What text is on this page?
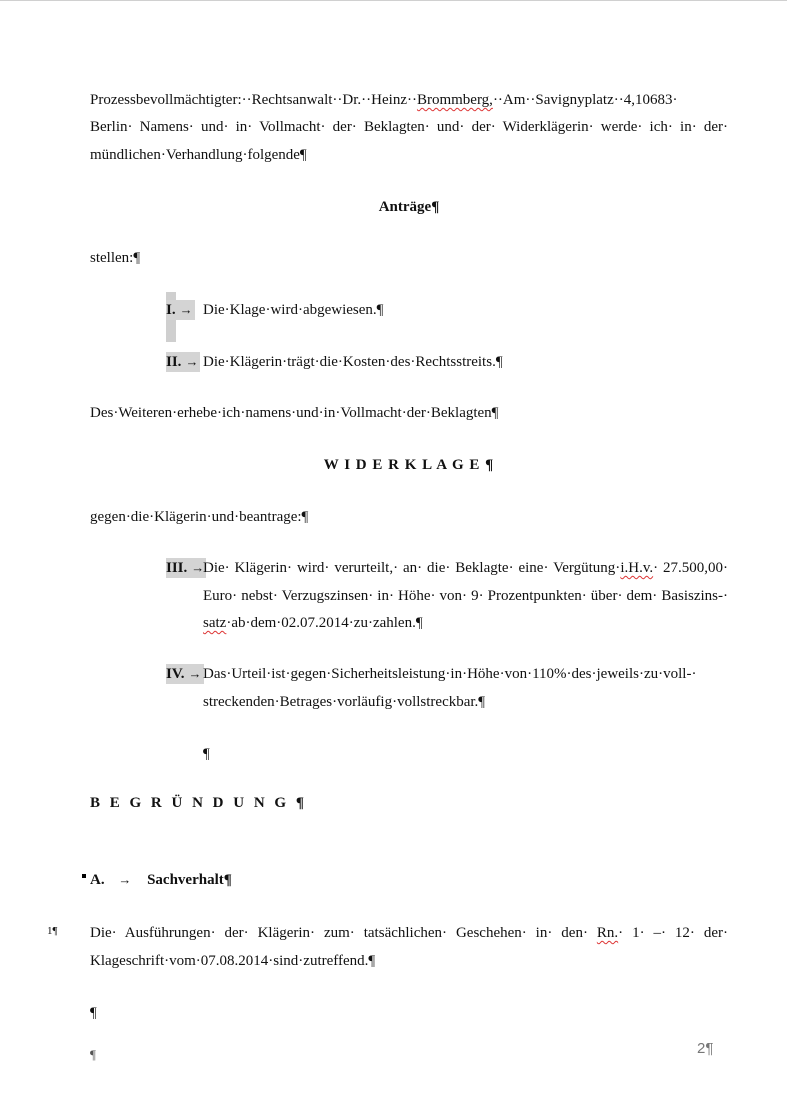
Prozessbevollmächtigter:··Rechtsanwalt··Dr.··Heinz··Brommberg,··Am··Savignyplatz··4,10683·
Berlin· Namens· und· in· Vollmacht· der· Beklagten· und· der· Widerklägerin· werde· ich· in· der·
mündlichen·Verhandlung·folgende¶
Anträge¶
stellen:¶
I. → Die·Klage·wird·abgewiesen.¶
II. → Die·Klägerin·trägt·die·Kosten·des·Rechtsstreits.¶
Des·Weiteren·erhebe·ich·namens·und·in·Vollmacht·der·Beklagten¶
W I D E R K L A G E ¶
gegen·die·Klägerin·und·beantrage:¶
III. →
Die· Klägerin· wird· verurteilt,· an· die· Beklagte· eine· Vergütung·i.H.v.· 27.500,00·
Euro· nebst· Verzugszinsen· in· Höhe· von· 9· Prozentpunkten· über· dem· Basiszins-·
satz·ab·dem·02.07.2014·zu·zahlen.¶
IV. → Das·Urteil·ist·gegen·Sicherheitsleistung·in·Höhe·von·110%·des·jeweils·zu·voll-·
streckenden·Betrages·vorläufig·vollstreckbar.¶
¶
B E G R Ü N D U N G ¶
A. → Sachverhalt¶
1¶ Die· Ausführungen· der· Klägerin· zum· tatsächlichen· Geschehen· in· den· Rn.· 1· –· 12· der·
Klageschrift·vom·07.08.2014·sind·zutreffend.¶
¶
¶	2¶
